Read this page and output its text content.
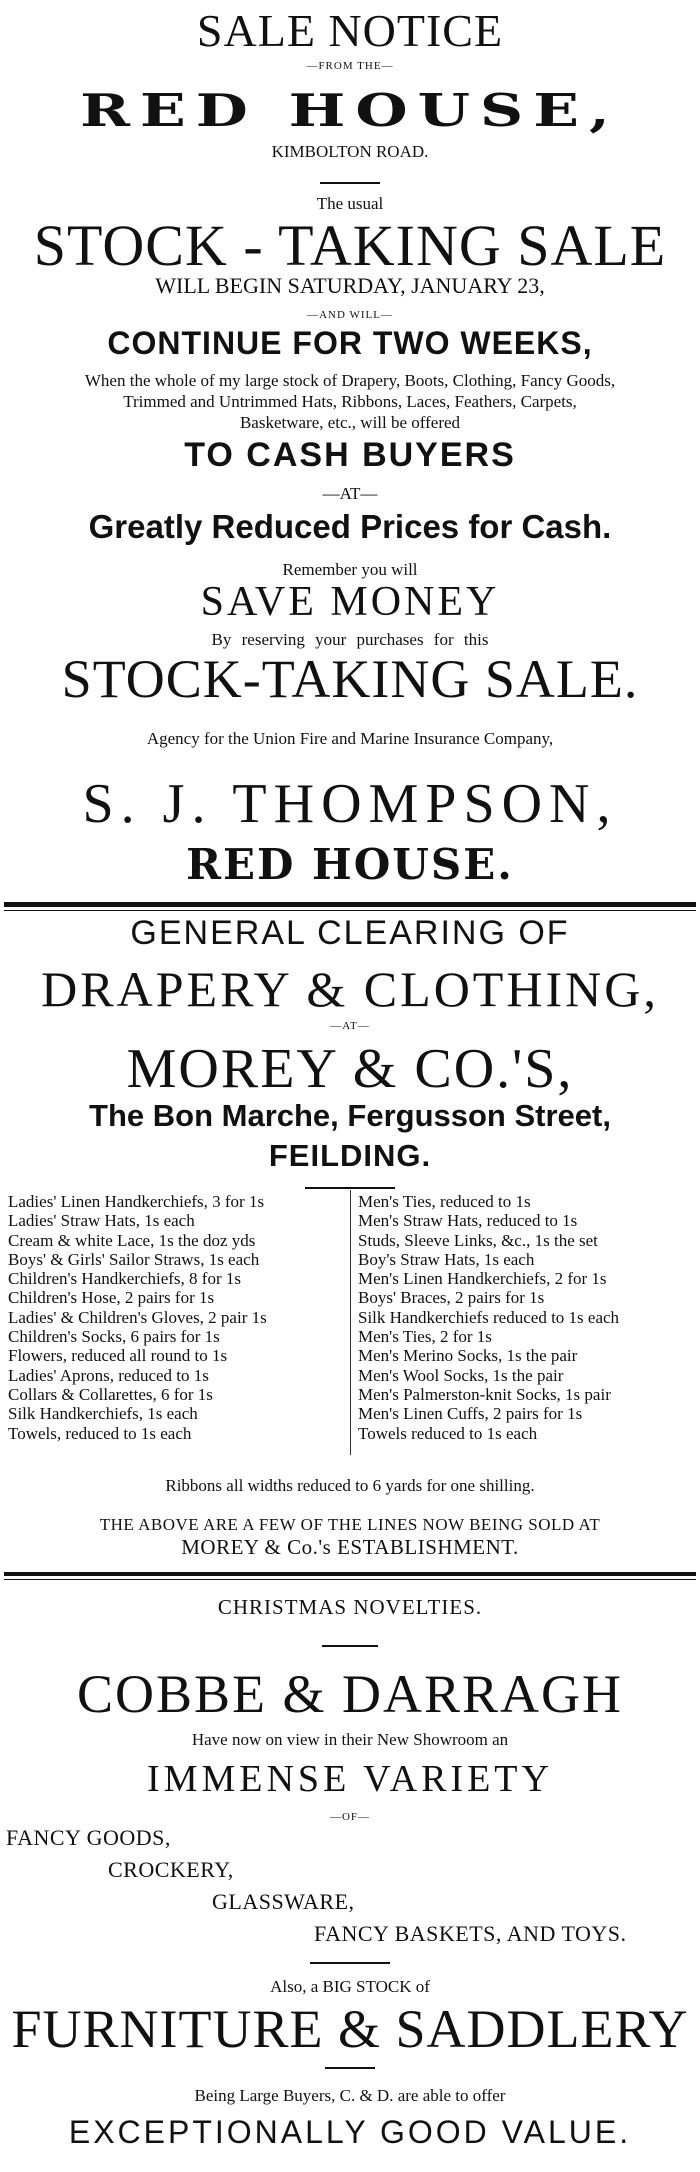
SALE NOTICE
—FROM THE—
RED HOUSE,
KIMBOLTON ROAD.
The usual
STOCK - TAKING SALE
WILL BEGIN SATURDAY, JANUARY 23,
—AND WILL—
CONTINUE FOR TWO WEEKS,
When the whole of my large stock of Drapery, Boots, Clothing, Fancy Goods,
Trimmed and Untrimmed Hats, Ribbons, Laces, Feathers, Carpets,
Basketware, etc., will be offered
TO CASH BUYERS
—AT—
Greatly Reduced Prices for Cash.
Remember you will
SAVE MONEY
By reserving your purchases for this
STOCK-TAKING SALE.
Agency for the Union Fire and Marine Insurance Company,
S. J. THOMPSON,
RED HOUSE.
GENERAL CLEARING OF
DRAPERY & CLOTHING,
—AT—
MOREY & CO.'S,
The Bon Marche, Fergusson Street,
FEILDING.
Ladies' Linen Handkerchiefs, 3 for 1s
Ladies' Straw Hats, 1s each
Cream & white Lace, 1s the doz yds
Boys' & Girls' Sailor Straws, 1s each
Children's Handkerchiefs, 8 for 1s
Children's Hose, 2 pairs for 1s
Ladies' & Children's Gloves, 2 pair 1s
Children's Socks, 6 pairs for 1s
Flowers, reduced all round to 1s
Ladies' Aprons, reduced to 1s
Collars & Collarettes, 6 for 1s
Silk Handkerchiefs, 1s each
Towels, reduced to 1s each
Men's Ties, reduced to 1s
Men's Straw Hats, reduced to 1s
Studs, Sleeve Links, &c., 1s the set
Boy's Straw Hats, 1s each
Men's Linen Handkerchiefs, 2 for 1s
Boys' Braces, 2 pairs for 1s
Silk Handkerchiefs reduced to 1s each
Men's Ties, 2 for 1s
Men's Merino Socks, 1s the pair
Men's Wool Socks, 1s the pair
Men's Palmerston-knit Socks, 1s pair
Men's Linen Cuffs, 2 pairs for 1s
Towels reduced to 1s each
Ribbons all widths reduced to 6 yards for one shilling.
THE ABOVE ARE A FEW OF THE LINES NOW BEING SOLD AT
MOREY & Co.'s ESTABLISHMENT.
CHRISTMAS NOVELTIES.
COBBE & DARRAGH
Have now on view in their New Showroom an
IMMENSE VARIETY
—OF—
FANCY GOODS,
CROCKERY,
GLASSWARE,
FANCY BASKETS, AND TOYS.
Also, a BIG STOCK of
FURNITURE & SADDLERY
Being Large Buyers, C. & D. are able to offer
EXCEPTIONALLY GOOD VALUE.
